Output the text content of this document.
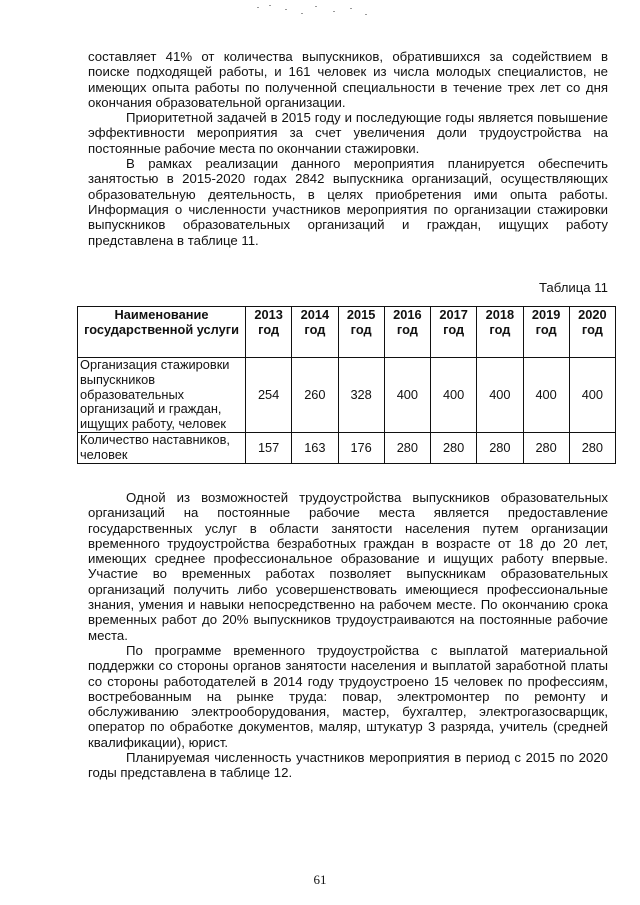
составляет 41% от количества выпускников, обратившихся за содействием в поиске подходящей работы, и 161 человек из числа молодых специалистов, не имеющих опыта работы по полученной специальности в течение трех лет со дня окончания образовательной организации.

Приоритетной задачей в 2015 году и последующие годы является повышение эффективности мероприятия за счет увеличения доли трудоустройства на постоянные рабочие места по окончании стажировки.

В рамках реализации данного мероприятия планируется обеспечить занятостью в 2015-2020 годах 2842 выпускника организаций, осуществляющих образовательную деятельность, в целях приобретения ими опыта работы. Информация о численности участников мероприятия по организации стажировки выпускников образовательных организаций и граждан, ищущих работу представлена в таблице 11.

Таблица 11
Наименование государственной услуги	2013 год	2014 год	2015 год	2016 год	2017 год	2018 год	2019 год	2020 год
Организация стажировки выпускников образовательных организаций и граждан, ищущих работу, человек	254	260	328	400	400	400	400	400
Количество наставников, человек	157	163	176	280	280	280	280	280

Одной из возможностей трудоустройства выпускников образовательных организаций на постоянные рабочие места является предоставление государственных услуг в области занятости населения путем организации временного трудоустройства безработных граждан в возрасте от 18 до 20 лет, имеющих среднее профессиональное образование и ищущих работу впервые. Участие во временных работах позволяет выпускникам образовательных организаций получить либо усовершенствовать имеющиеся профессиональные знания, умения и навыки непосредственно на рабочем месте. По окончанию срока временных работ до 20% выпускников трудоустраиваются на постоянные рабочие места.

По программе временного трудоустройства с выплатой материальной поддержки со стороны органов занятости населения и выплатой заработной платы со стороны работодателей в 2014 году трудоустроено 15 человек по профессиям, востребованным на рынке труда: повар, электромонтер по ремонту и обслуживанию электрооборудования, мастер, бухгалтер, электрогазосварщик, оператор по обработке документов, маляр, штукатур 3 разряда, учитель (средней квалификации), юрист.

Планируемая численность участников мероприятия в период с 2015 по 2020 годы представлена в таблице 12.

61
